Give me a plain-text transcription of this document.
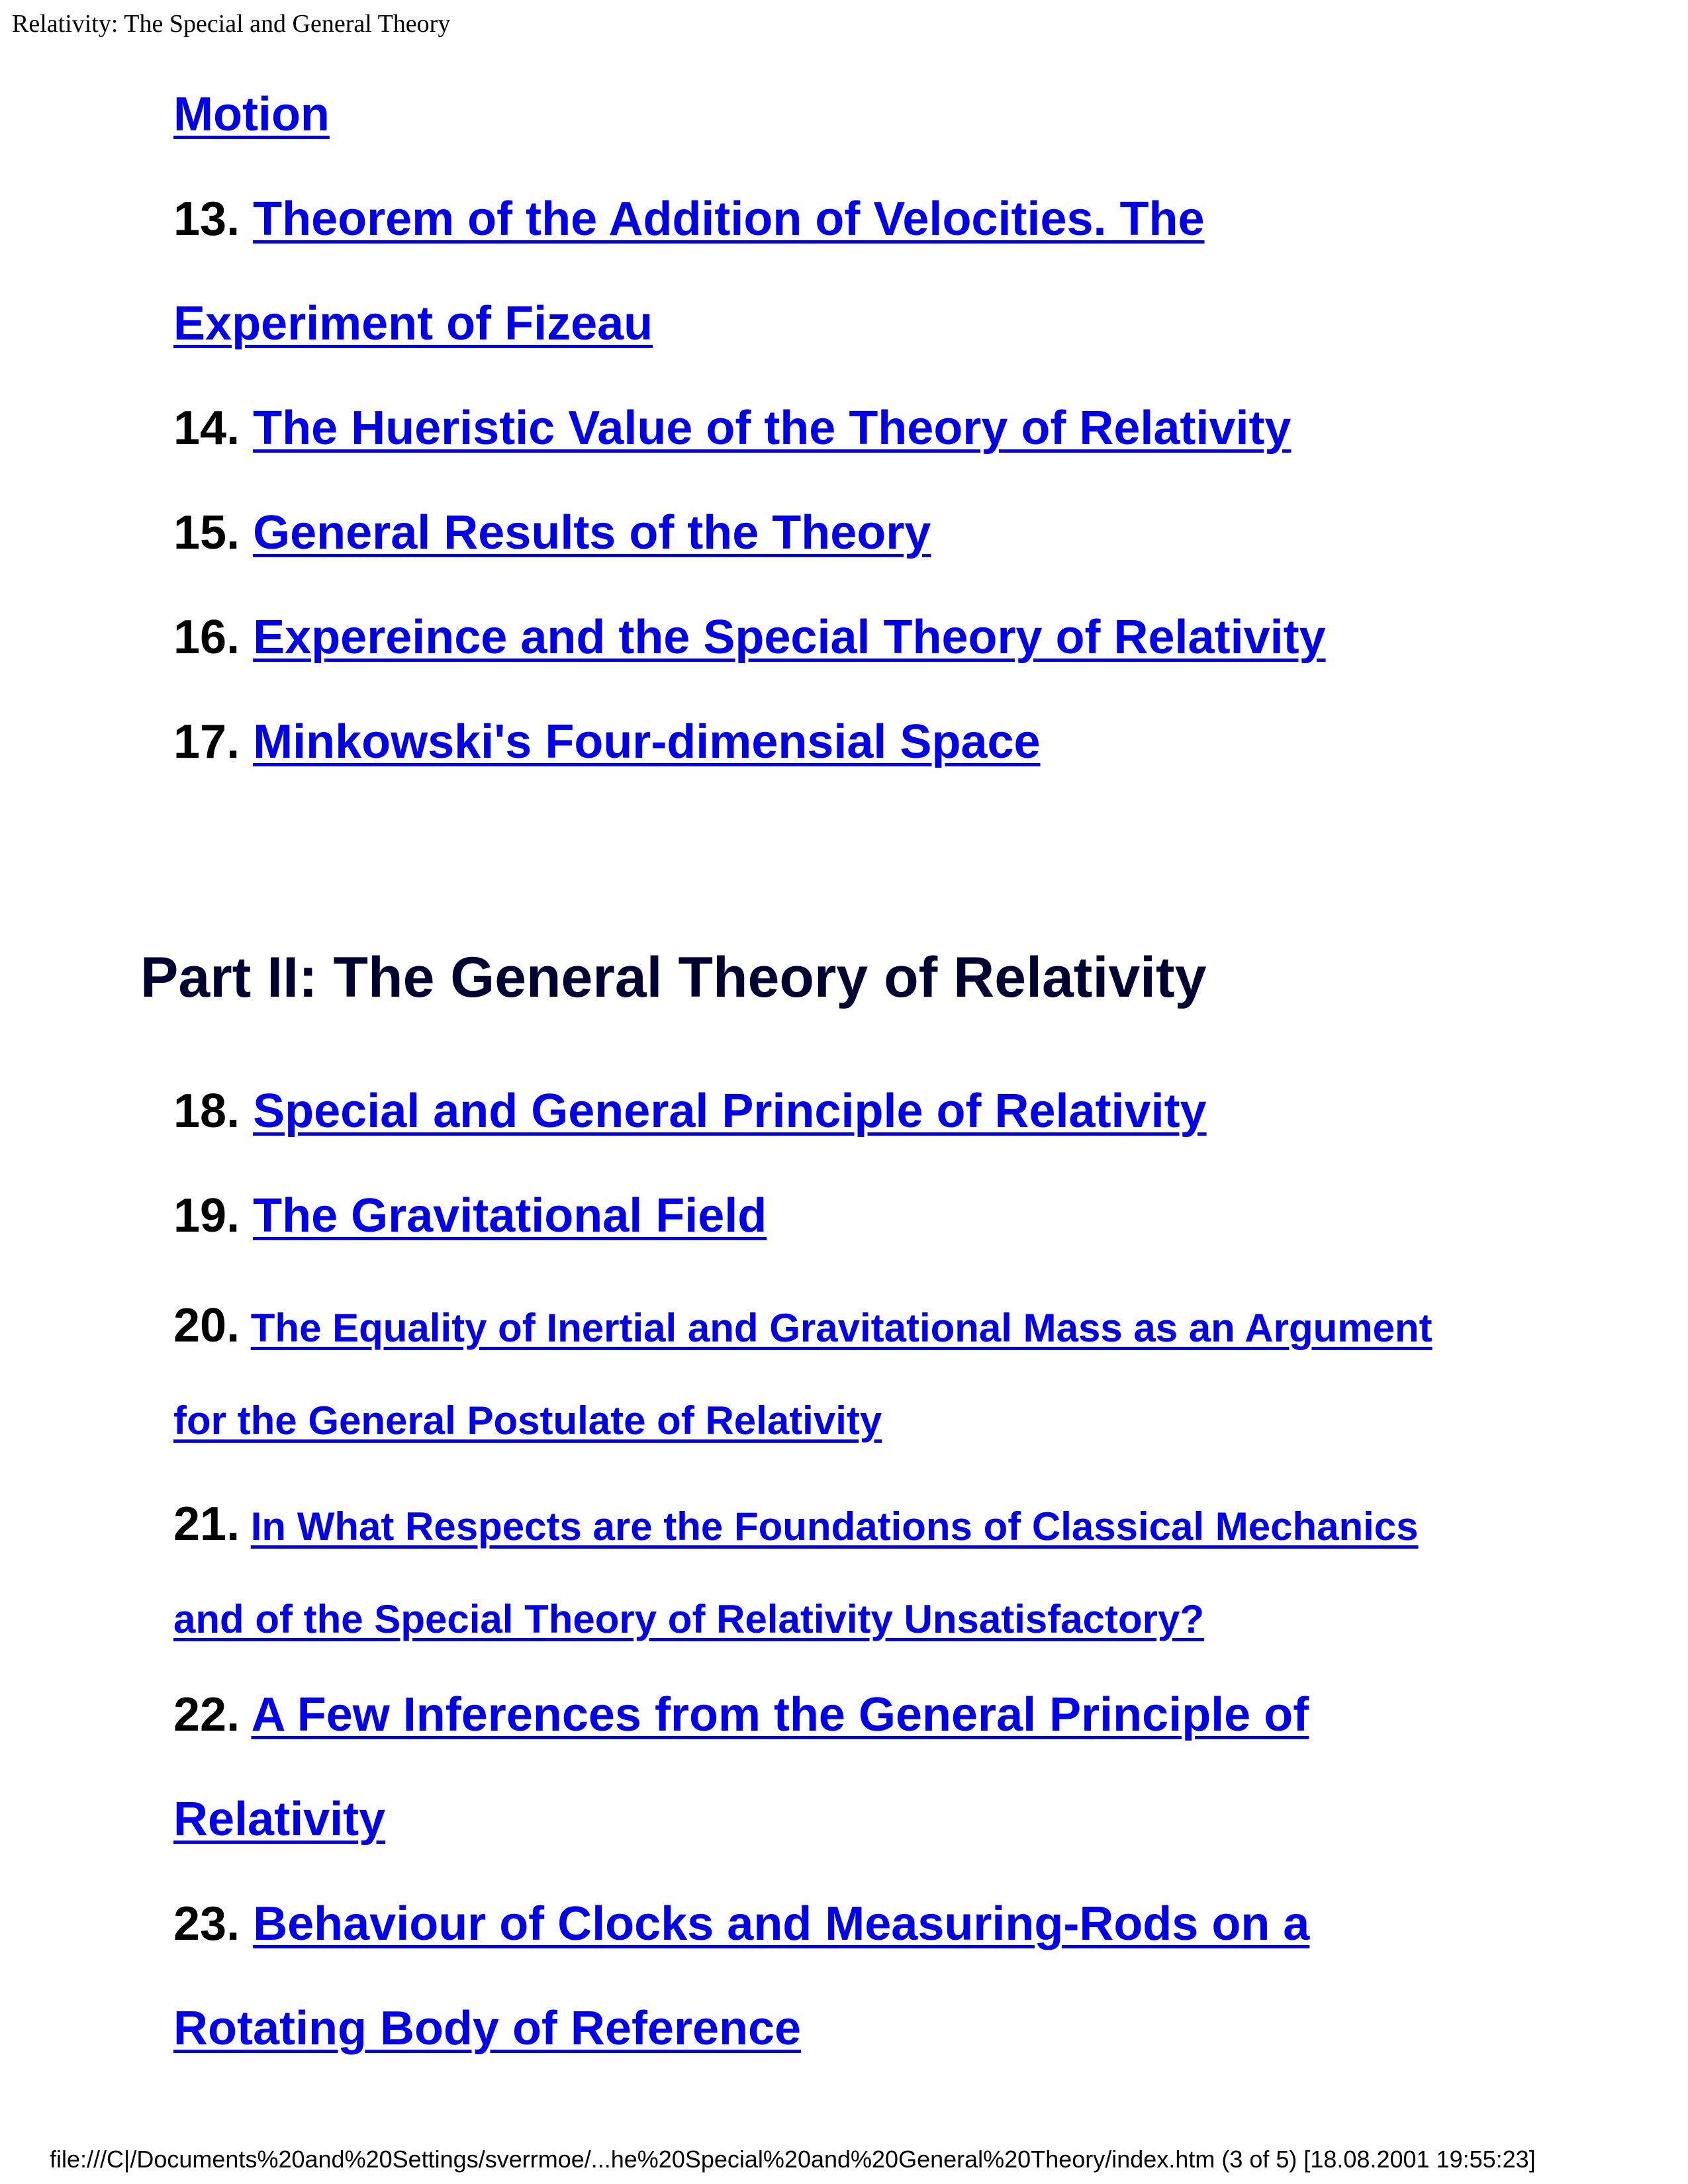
Relativity: The Special and General Theory
Motion
13. Theorem of the Addition of Velocities. The
Experiment of Fizeau
14. The Hueristic Value of the Theory of Relativity
15. General Results of the Theory
16. Expereince and the Special Theory of Relativity
17. Minkowski's Four-dimensial Space
Part II: The General Theory of Relativity
18. Special and General Principle of Relativity
19. The Gravitational Field
20. The Equality of Inertial and Gravitational Mass as an Argument
for the General Postulate of Relativity
21. In What Respects are the Foundations of Classical Mechanics
and of the Special Theory of Relativity Unsatisfactory?
22. A Few Inferences from the General Principle of
Relativity
23. Behaviour of Clocks and Measuring-Rods on a
Rotating Body of Reference
file:///C|/Documents%20and%20Settings/sverrmoe/...he%20Special%20and%20General%20Theory/index.htm (3 of 5) [18.08.2001 19:55:23]
